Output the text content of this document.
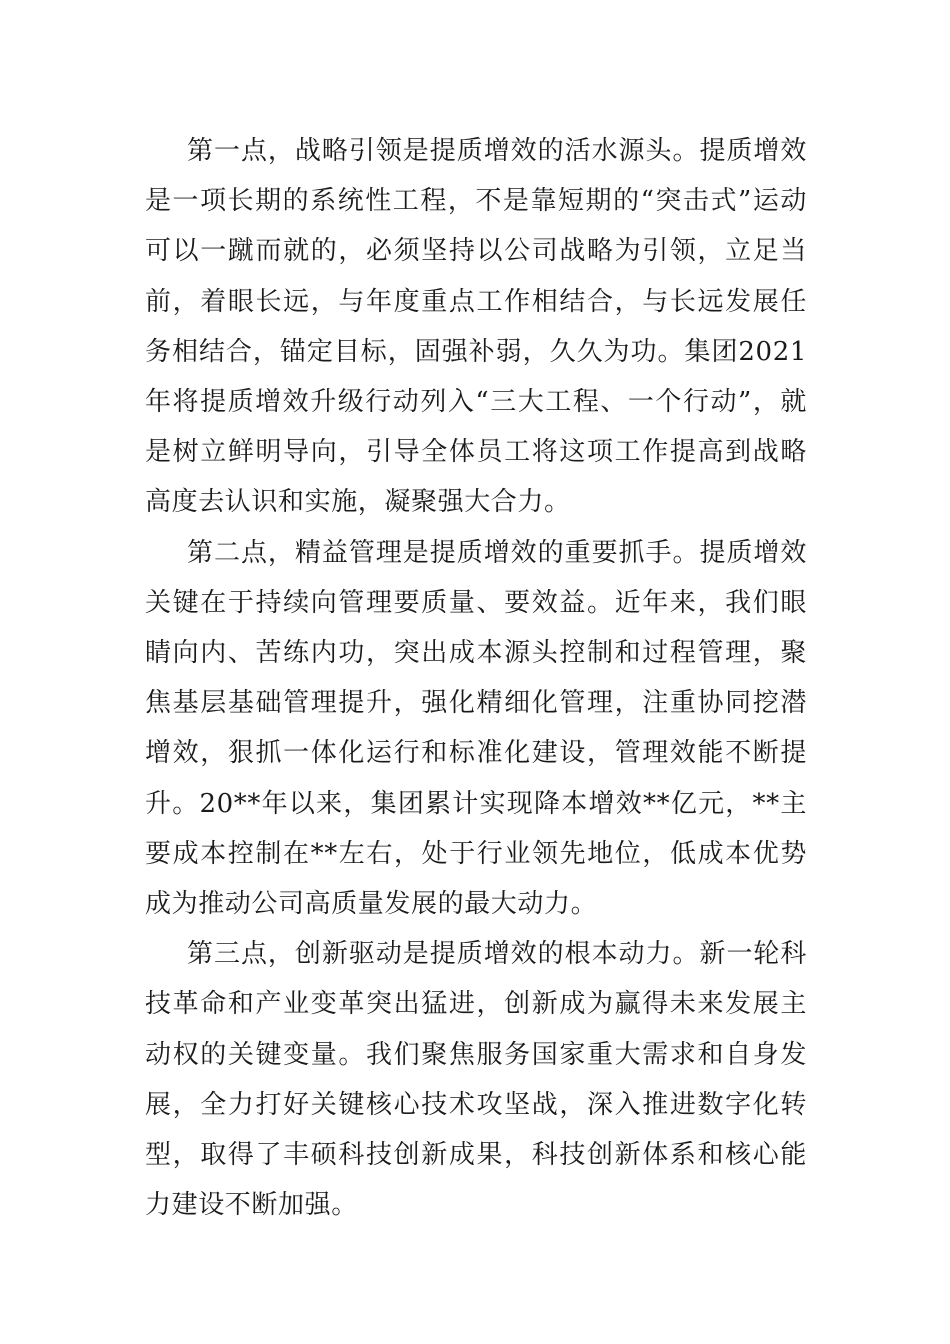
第一点，战略引领是提质增效的活水源头。提质增效是一项长期的系统性工程，不是靠短期的“突击式”运动可以一蹴而就的，必须坚持以公司战略为引领，立足当前，着眼长远，与年度重点工作相结合，与长远发展任务相结合，锚定目标，固强补弱，久久为功。集团2021年将提质增效升级行动列入“三大工程、一个行动”，就是树立鲜明导向，引导全体员工将这项工作提高到战略高度去认识和实施，凝聚强大合力。

第二点，精益管理是提质增效的重要抓手。提质增效关键在于持续向管理要质量、要效益。近年来，我们眼睛向内、苦练内功，突出成本源头控制和过程管理，聚焦基层基础管理提升，强化精细化管理，注重协同挖潜增效，狠抓一体化运行和标准化建设，管理效能不断提升。20**年以来，集团累计实现降本增效**亿元，**主要成本控制在**左右，处于行业领先地位，低成本优势成为推动公司高质量发展的最大动力。

第三点，创新驱动是提质增效的根本动力。新一轮科技革命和产业变革突出猛进，创新成为赢得未来发展主动权的关键变量。我们聚焦服务国家重大需求和自身发展，全力打好关键核心技术攻坚战，深入推进数字化转型，取得了丰硕科技创新成果，科技创新体系和核心能力建设不断加强。
